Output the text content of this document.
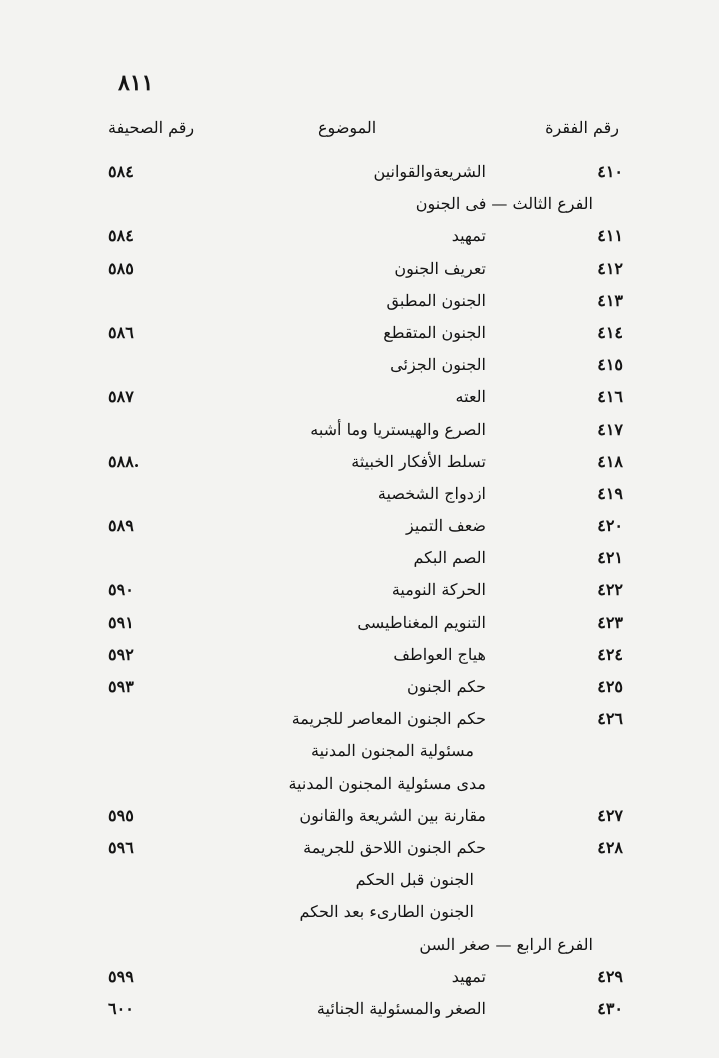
٨١١
رقم الفقرة
الموضوع
رقم الصحيفة
٤١٠
الشريعةوالقوانين
٥٨٤
الفرع الثالث — فى الجنون
٤١١
تمهيد
٥٨٤
٤١٢
تعريف الجنون
٥٨٥
٤١٣
الجنون المطبق
٤١٤
الجنون المتقطع
٥٨٦
٤١٥
الجنون الجزئى
٤١٦
العته
٥٨٧
٤١٧
الصرع والهيستريا وما أشبه
٤١٨
تسلط الأفكار الخبيثة
.٥٨٨
٤١٩
ازدواج الشخصية
٤٢٠
ضعف التميز
٥٨٩
٤٢١
الصم البكم
٤٢٢
الحركة النومية
٥٩٠
٤٢٣
التنويم المغناطيسى
٥٩١
٤٢٤
هياج العواطف
٥٩٢
٤٢٥
حكم الجنون
٥٩٣
٤٢٦
حكم الجنون المعاصر للجريمة
مسئولية المجنون المدنية
مدى مسئولية المجنون المدنية
٤٢٧
مقارنة بين الشريعة والقانون
٥٩٥
٤٢٨
حكم الجنون اللاحق للجريمة
٥٩٦
الجنون قبل الحكم
الجنون الطارىء بعد الحكم
الفرع الرابع — صغر السن
٤٢٩
تمهيد
٥٩٩
٤٣٠
الصغر والمسئولية الجنائية
٦٠٠
